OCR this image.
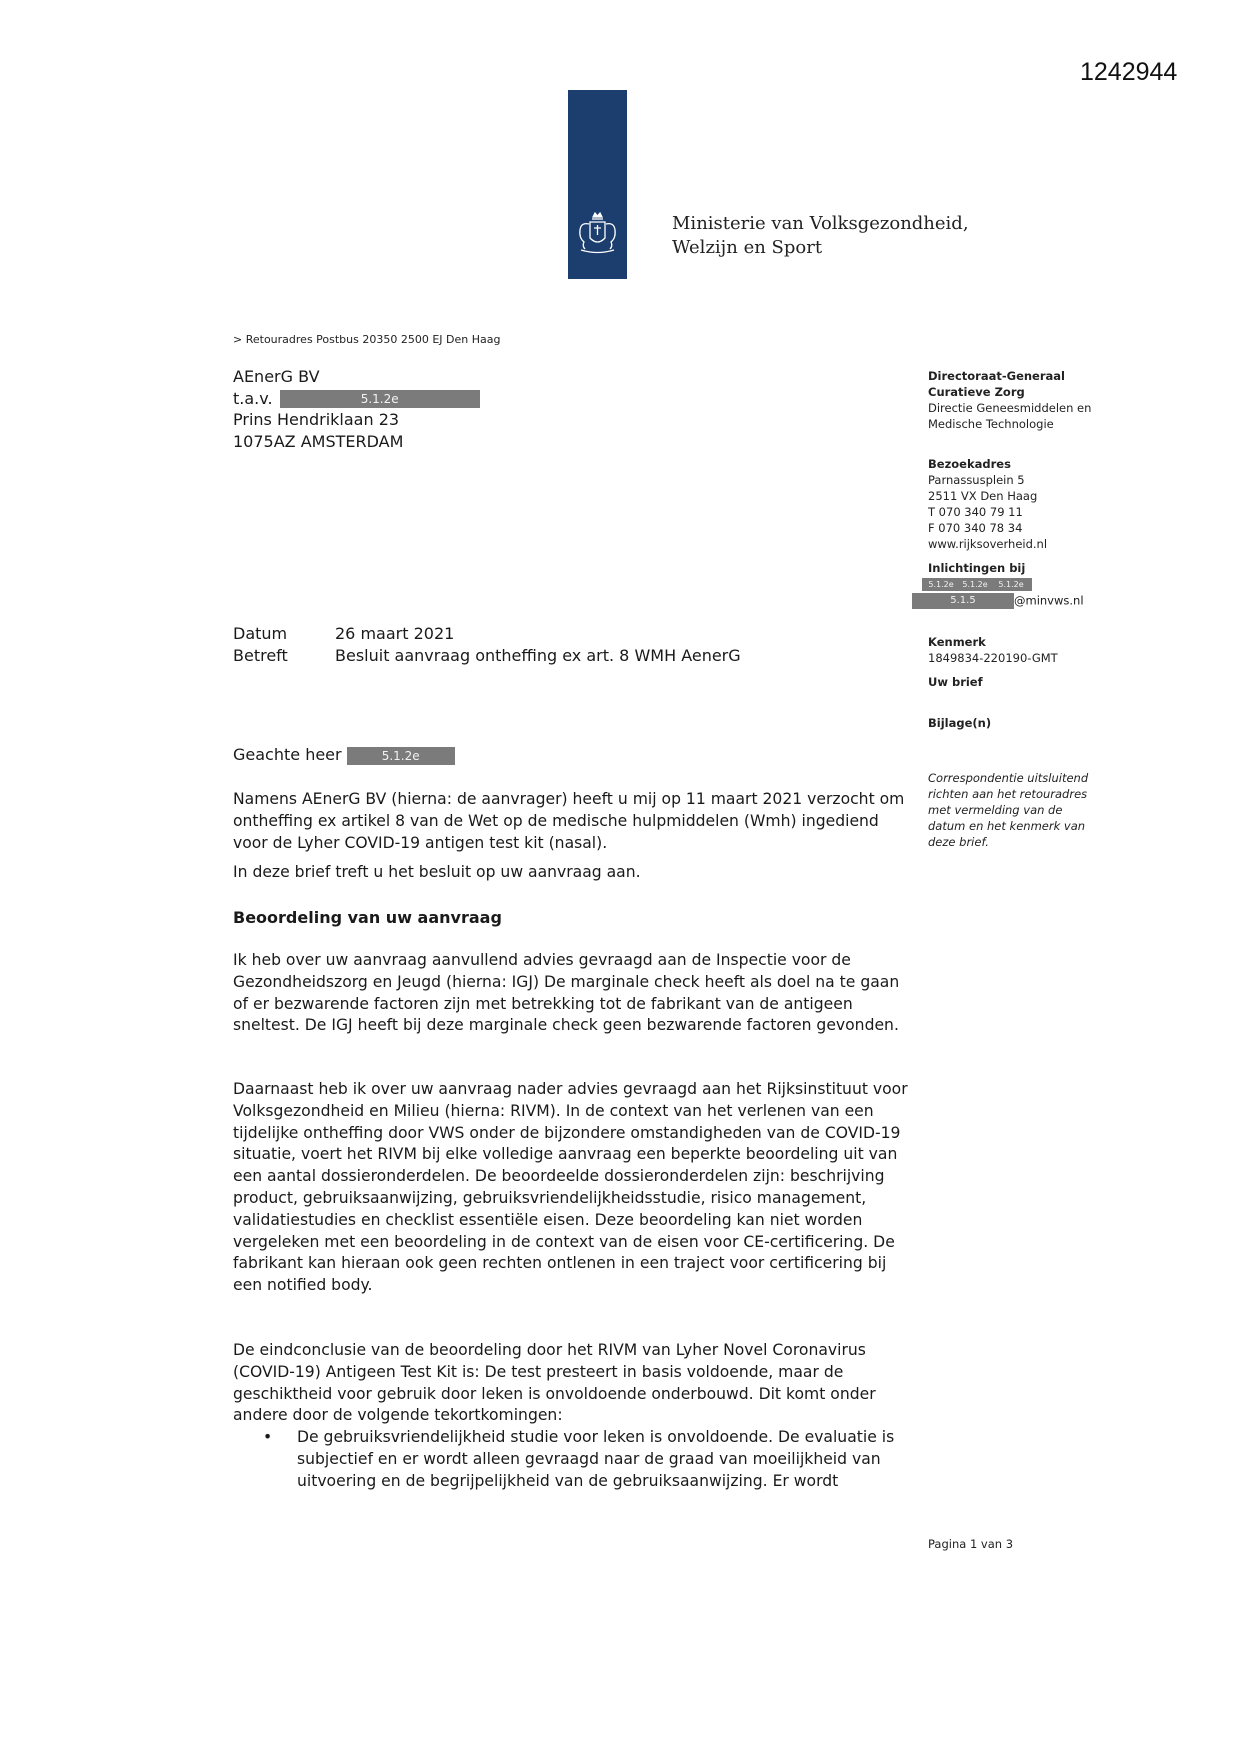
1242944
Ministerie van Volksgezondheid,
Welzijn en Sport
> Retouradres Postbus 20350 2500 EJ Den Haag
AEnerG BV
t.a.v.	5.1.2e
Prins Hendriklaan 23
1075AZ AMSTERDAM
Directoraat-Generaal
Curatieve Zorg
Directie Geneesmiddelen en
Medische Technologie
Bezoekadres
Parnassusplein 5
2511 VX Den Haag
T 070 340 79 11
F 070 340 78 34
www.rijksoverheid.nl
Inlichtingen bij
5.1.2e 5.1.2e 5.1.2e
5.1.5	@minvws.nl
Kenmerk
1849834-220190-GMT
Uw brief
Bijlage(n)
Correspondentie uitsluitend
richten aan het retouradres
met vermelding van de
datum en het kenmerk van
deze brief.
Datum	26 maart 2021
Betreft	Besluit aanvraag ontheffing ex art. 8 WMH AenerG
Geachte heer	5.1.2e

Namens AEnerG BV (hierna: de aanvrager) heeft u mij op 11 maart 2021 verzocht om ontheffing ex artikel 8 van de Wet op de medische hulpmiddelen (Wmh) ingediend voor de Lyher COVID-19 antigen test kit (nasal).

In deze brief treft u het besluit op uw aanvraag aan.

Beoordeling van uw aanvraag

Ik heb over uw aanvraag aanvullend advies gevraagd aan de Inspectie voor de Gezondheidszorg en Jeugd (hierna: IGJ) De marginale check heeft als doel na te gaan of er bezwarende factoren zijn met betrekking tot de fabrikant van de antigeen sneltest. De IGJ heeft bij deze marginale check geen bezwarende factoren gevonden.

Daarnaast heb ik over uw aanvraag nader advies gevraagd aan het Rijksinstituut voor Volksgezondheid en Milieu (hierna: RIVM). In de context van het verlenen van een tijdelijke ontheffing door VWS onder de bijzondere omstandigheden van de COVID-19 situatie, voert het RIVM bij elke volledige aanvraag een beperkte beoordeling uit van een aantal dossieronderdelen. De beoordeelde dossieronderdelen zijn: beschrijving product, gebruiksaanwijzing, gebruiksvriendelijkheidsstudie, risico management, validatiestudies en checklist essentiële eisen. Deze beoordeling kan niet worden vergeleken met een beoordeling in de context van de eisen voor CE-certificering. De fabrikant kan hieraan ook geen rechten ontlenen in een traject voor certificering bij een notified body.

De eindconclusie van de beoordeling door het RIVM van Lyher Novel Coronavirus (COVID-19) Antigeen Test Kit is: De test presteert in basis voldoende, maar de geschiktheid voor gebruik door leken is onvoldoende onderbouwd. Dit komt onder andere door de volgende tekortkomingen:

• De gebruiksvriendelijkheid studie voor leken is onvoldoende. De evaluatie is subjectief en er wordt alleen gevraagd naar de graad van moeilijkheid van uitvoering en de begrijpelijkheid van de gebruiksaanwijzing. Er wordt
Pagina 1 van 3
